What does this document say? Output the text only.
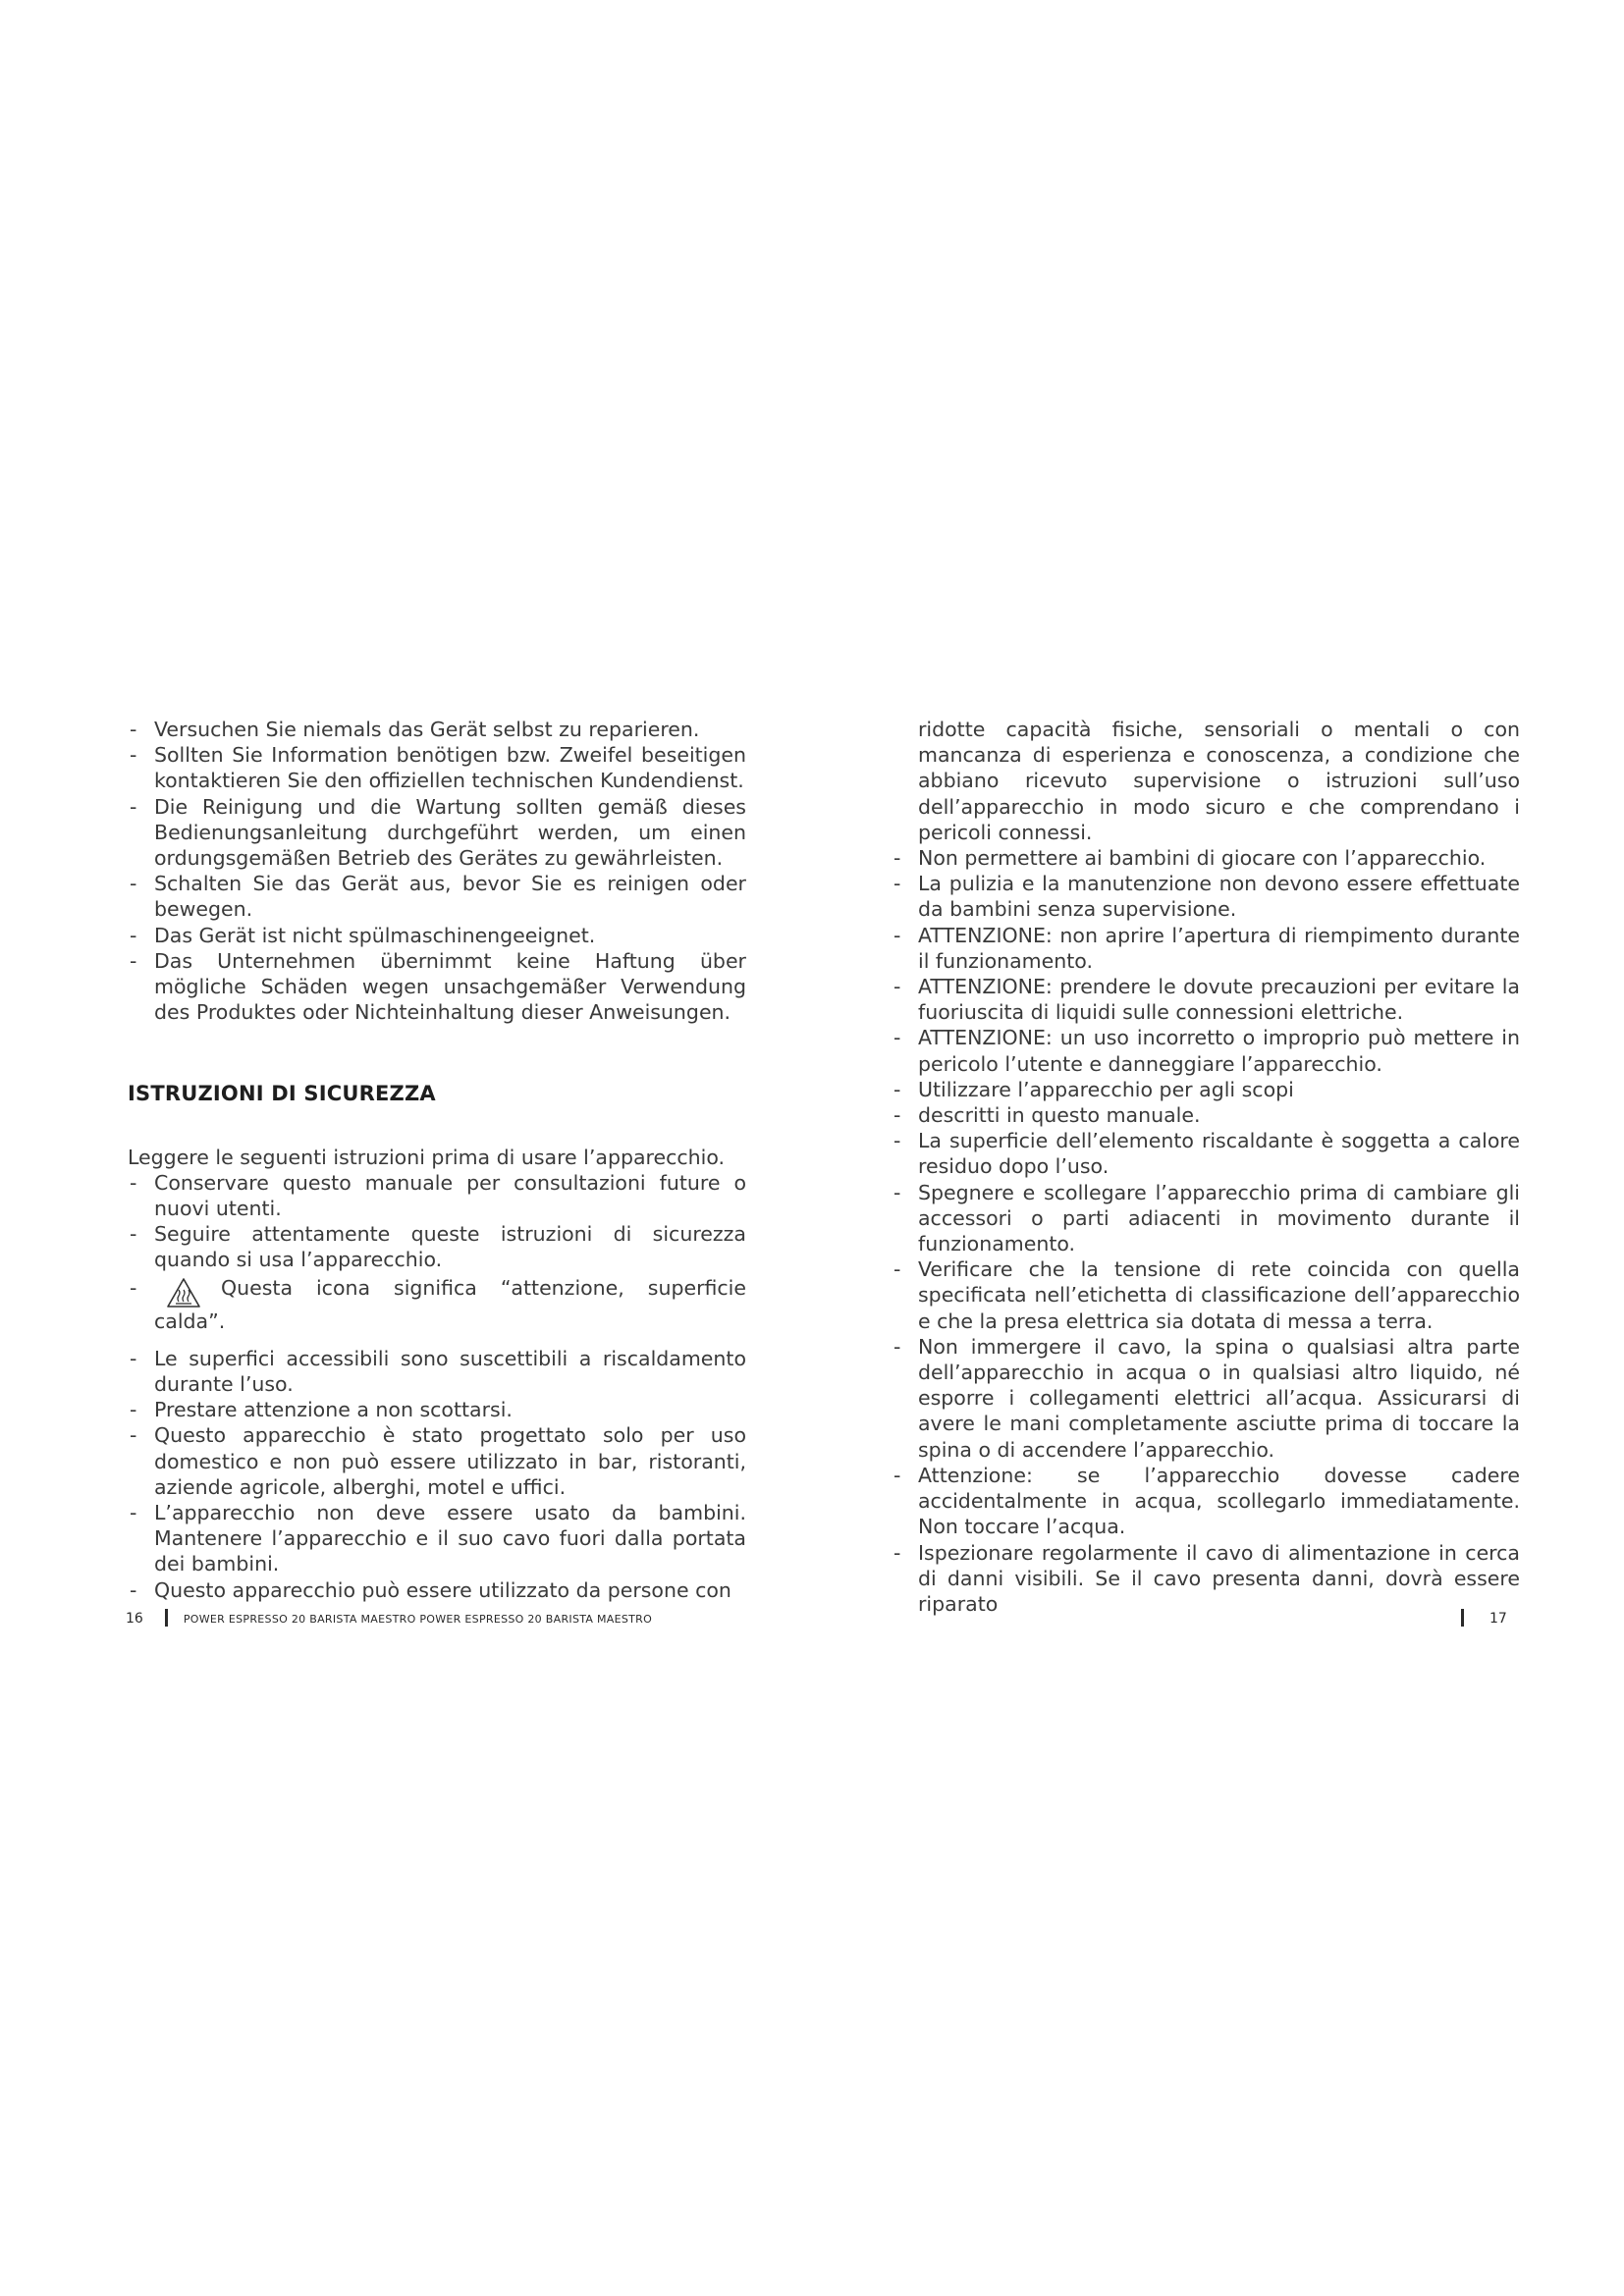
- Versuchen Sie niemals das Gerät selbst zu reparieren.
- Sollten Sie Information benötigen bzw. Zweifel beseitigen kontaktieren Sie den offiziellen technischen Kundendienst.
- Die Reinigung und die Wartung sollten gemäß dieses Bedienungsanleitung durchgeführt werden, um einen ordungsgemäßen Betrieb des Gerätes zu gewährleisten.
- Schalten Sie das Gerät aus, bevor Sie es reinigen oder bewegen.
- Das Gerät ist nicht spülmaschinengeeignet.
- Das Unternehmen übernimmt keine Haftung über mögliche Schäden wegen unsachgemäßer Verwendung des Produktes oder Nichteinhaltung dieser Anweisungen.
ISTRUZIONI DI SICUREZZA

Leggere le seguenti istruzioni prima di usare l’apparecchio.

- Conservare questo manuale per consultazioni future o nuovi utenti.
- Seguire attentamente queste istruzioni di sicurezza quando si usa l’apparecchio.
- Questa icona significa “attenzione, superficie calda”.
- Le superfici accessibili sono suscettibili a riscaldamento durante l’uso.
- Prestare attenzione a non scottarsi.
- Questo apparecchio è stato progettato solo per uso domestico e non può essere utilizzato in bar, ristoranti, aziende agricole, alberghi, motel e uffici.
- L’apparecchio non deve essere usato da bambini. Mantenere l’apparecchio e il suo cavo fuori dalla portata dei bambini.
- Questo apparecchio può essere utilizzato da persone con
ridotte capacità fisiche, sensoriali o mentali o con mancanza di esperienza e conoscenza, a condizione che abbiano ricevuto supervisione o istruzioni sull’uso dell’apparecchio in modo sicuro e che comprendano i pericoli connessi.
- Non permettere ai bambini di giocare con l’apparecchio.
- La pulizia e la manutenzione non devono essere effettuate da bambini senza supervisione.
- ATTENZIONE: non aprire l’apertura di riempimento durante il funzionamento.
- ATTENZIONE: prendere le dovute precauzioni per evitare la fuoriuscita di liquidi sulle connessioni elettriche.
- ATTENZIONE: un uso incorretto o improprio può mettere in pericolo l’utente e danneggiare l’apparecchio.
- Utilizzare l’apparecchio per agli scopi
- descritti in questo manuale.
- La superficie dell’elemento riscaldante è soggetta a calore residuo dopo l’uso.
- Spegnere e scollegare l’apparecchio prima di cambiare gli accessori o parti adiacenti in movimento durante il funzionamento.
- Verificare che la tensione di rete coincida con quella specificata nell’etichetta di classificazione dell’apparecchio e che la presa elettrica sia dotata di messa a terra.
- Non immergere il cavo, la spina o qualsiasi altra parte dell’apparecchio in acqua o in qualsiasi altro liquido, né esporre i collegamenti elettrici all’acqua. Assicurarsi di avere le mani completamente asciutte prima di toccare la spina o di accendere l’apparecchio.
- Attenzione: se l’apparecchio dovesse cadere accidentalmente in acqua, scollegarlo immediatamente. Non toccare l’acqua.
- Ispezionare regolarmente il cavo di alimentazione in cerca di danni visibili. Se il cavo presenta danni, dovrà essere riparato
16	POWER ESPRESSO 20 BARISTA MAESTRO POWER ESPRESSO 20 BARISTA MAESTRO	17
